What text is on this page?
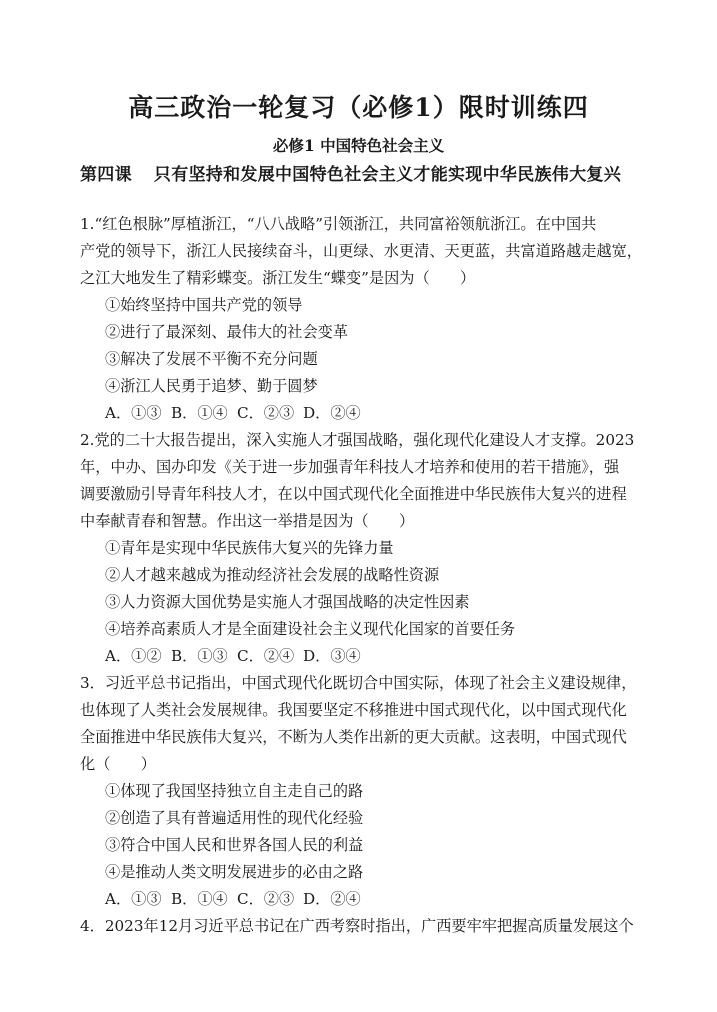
高三政治一轮复习（必修1）限时训练四
必修1 中国特色社会主义
第四课 只有坚持和发展中国特色社会主义才能实现中华民族伟大复兴
1.“红色根脉”厚植浙江，“八八战略”引领浙江，共同富裕领航浙江。在中国共
产党的领导下，浙江人民接续奋斗，山更绿、水更清、天更蓝，共富道路越走越宽，
之江大地发生了精彩蝶变。浙江发生“蝶变”是因为（　　）
①始终坚持中国共产党的领导
②进行了最深刻、最伟大的社会变革
③解决了发展不平衡不充分问题
④浙江人民勇于追梦、勤于圆梦
A．①③ B．①④ C．②③ D．②④
2.党的二十大报告提出，深入实施人才强国战略，强化现代化建设人才支撑。2023
年，中办、国办印发《关于进一步加强青年科技人才培养和使用的若干措施》，强
调要激励引导青年科技人才，在以中国式现代化全面推进中华民族伟大复兴的进程
中奉献青春和智慧。作出这一举措是因为（　　）
①青年是实现中华民族伟大复兴的先锋力量
②人才越来越成为推动经济社会发展的战略性资源
③人力资源大国优势是实施人才强国战略的决定性因素
④培养高素质人才是全面建设社会主义现代化国家的首要任务
A．①② B．①③ C．②④ D．③④
3．习近平总书记指出，中国式现代化既切合中国实际，体现了社会主义建设规律，
也体现了人类社会发展规律。我国要坚定不移推进中国式现代化，以中国式现代化
全面推进中华民族伟大复兴，不断为人类作出新的更大贡献。这表明，中国式现代
化（　　）
①体现了我国坚持独立自主走自己的路
②创造了具有普遍适用性的现代化经验
③符合中国人民和世界各国人民的利益
④是推动人类文明发展进步的必由之路
A．①③ B．①④ C．②③ D．②④
4．2023年12月习近平总书记在广西考察时指出，广西要牢牢把握高质量发展这个
